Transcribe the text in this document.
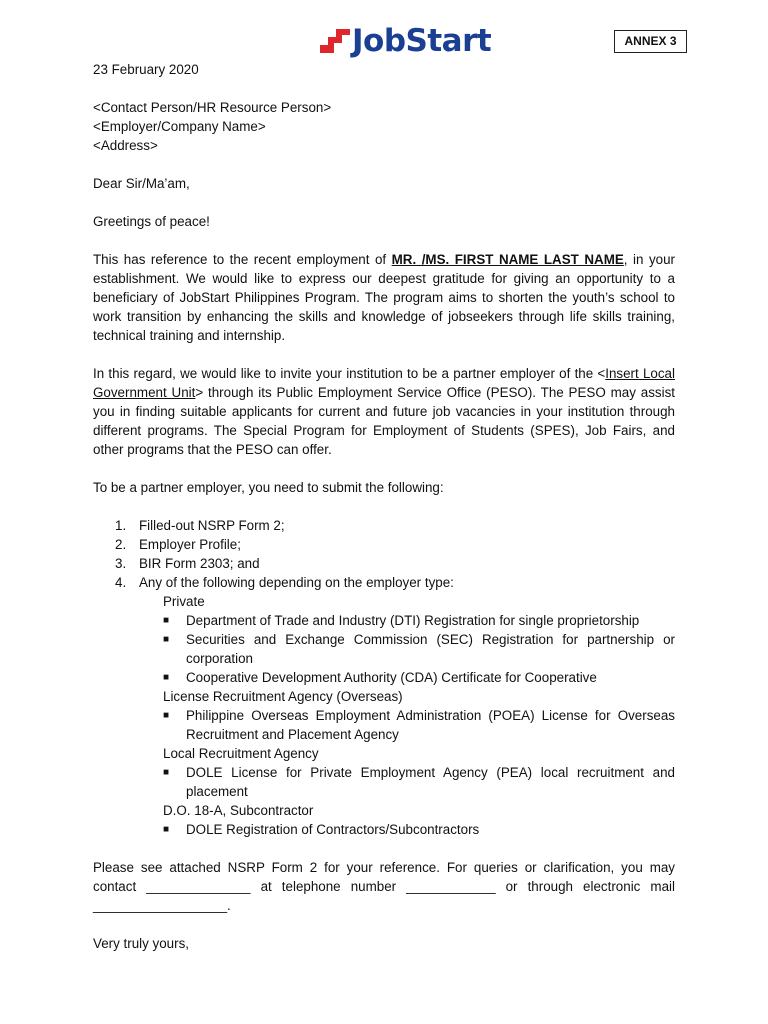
JobStart	ANNEX 3
23 February 2020
<Contact Person/HR Resource Person>
<Employer/Company Name>
<Address>
Dear Sir/Ma’am,
Greetings of peace!
This has reference to the recent employment of MR. /MS. FIRST NAME LAST NAME, in your establishment. We would like to express our deepest gratitude for giving an opportunity to a beneficiary of JobStart Philippines Program. The program aims to shorten the youth’s school to work transition by enhancing the skills and knowledge of jobseekers through life skills training, technical training and internship.
In this regard, we would like to invite your institution to be a partner employer of the <Insert Local Government Unit> through its Public Employment Service Office (PESO). The PESO may assist you in finding suitable applicants for current and future job vacancies in your institution through different programs. The Special Program for Employment of Students (SPES), Job Fairs, and other programs that the PESO can offer.
To be a partner employer, you need to submit the following:
1. Filled-out NSRP Form 2;
2. Employer Profile;
3. BIR Form 2303; and
4. Any of the following depending on the employer type:
Private
■	Department of Trade and Industry (DTI) Registration for single proprietorship
■	Securities and Exchange Commission (SEC) Registration for partnership or corporation
■	Cooperative Development Authority (CDA) Certificate for Cooperative
License Recruitment Agency (Overseas)
■	Philippine Overseas Employment Administration (POEA) License for Overseas Recruitment and Placement Agency
Local Recruitment Agency
■	DOLE License for Private Employment Agency (PEA) local recruitment and placement
D.O. 18-A, Subcontractor
■	DOLE Registration of Contractors/Subcontractors
Please see attached NSRP Form 2 for your reference. For queries or clarification, you may contact ______________ at telephone number ____________ or through electronic mail __________________.
Very truly yours,
